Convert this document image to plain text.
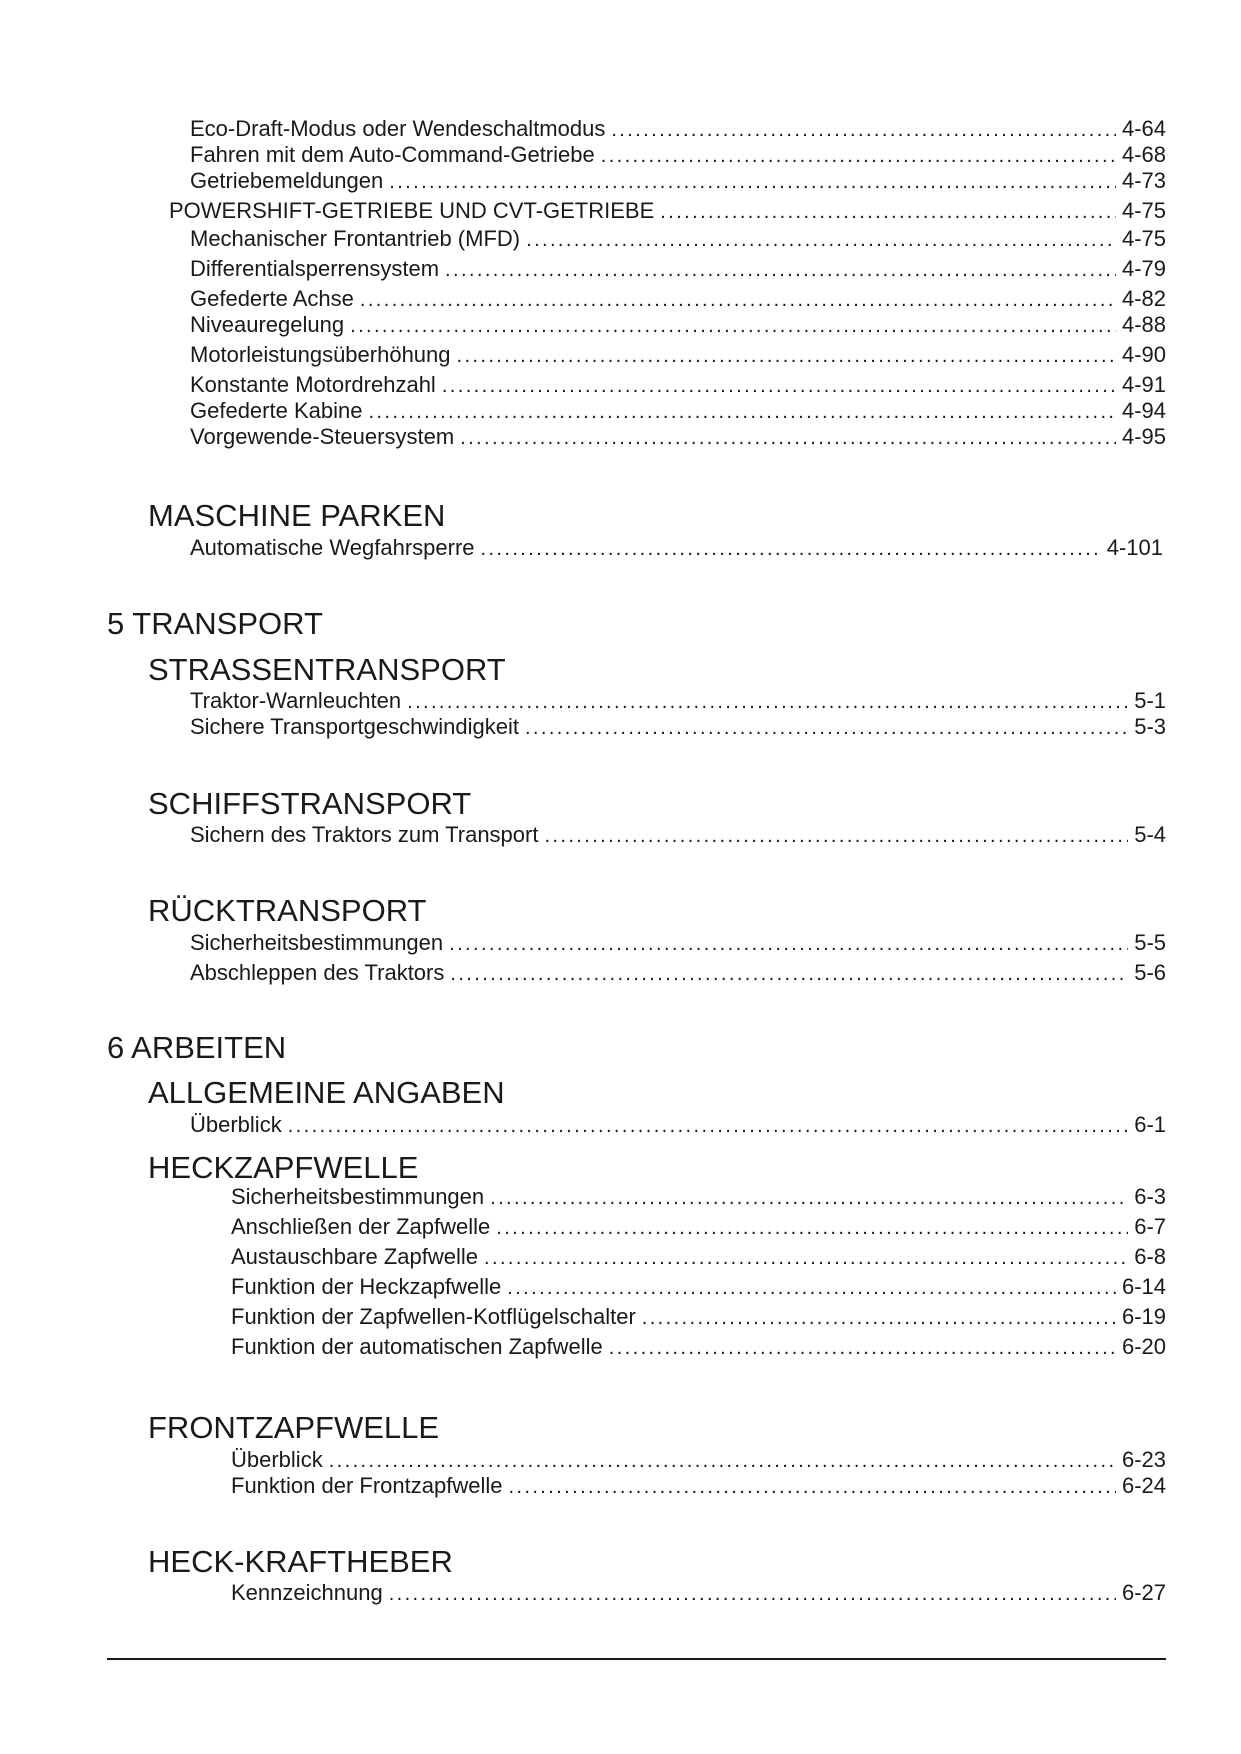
Eco-Draft-Modus oder Wendeschaltmodus .....	4-64
Fahren mit dem Auto-Command-Getriebe .....	4-68
Getriebemeldungen .....	4-73
POWERSHIFT-GETRIEBE UND CVT-GETRIEBE .....	4-75
Mechanischer Frontantrieb (MFD) .....	4-75
Differentialsperrensystem .....	4-79
Gefederte Achse .....	4-82
Niveauregelung .....	4-88
Motorleistungsüberhöhung .....	4-90
Konstante Motordrehzahl .....	4-91
Gefederte Kabine .....	4-94
Vorgewende-Steuersystem .....	4-95
MASCHINE PARKEN
Automatische Wegfahrsperre .....	4-101
5 TRANSPORT
STRASSENTRANSPORT
Traktor-Warnleuchten .....	5-1
Sichere Transportgeschwindigkeit .....	5-3
SCHIFFSTRANSPORT
Sichern des Traktors zum Transport .....	5-4
RÜCKTRANSPORT
Sicherheitsbestimmungen .....	5-5
Abschleppen des Traktors .....	5-6
6 ARBEITEN
ALLGEMEINE ANGABEN
Überblick .....	6-1
HECKZAPFWELLE
Sicherheitsbestimmungen .....	6-3
Anschließen der Zapfwelle .....	6-7
Austauschbare Zapfwelle .....	6-8
Funktion der Heckzapfwelle .....	6-14
Funktion der Zapfwellen-Kotflügelschalter .....	6-19
Funktion der automatischen Zapfwelle .....	6-20
FRONTZAPFWELLE
Überblick .....	6-23
Funktion der Frontzapfwelle .....	6-24
HECK-KRAFTHEBER
Kennzeichnung .....	6-27
